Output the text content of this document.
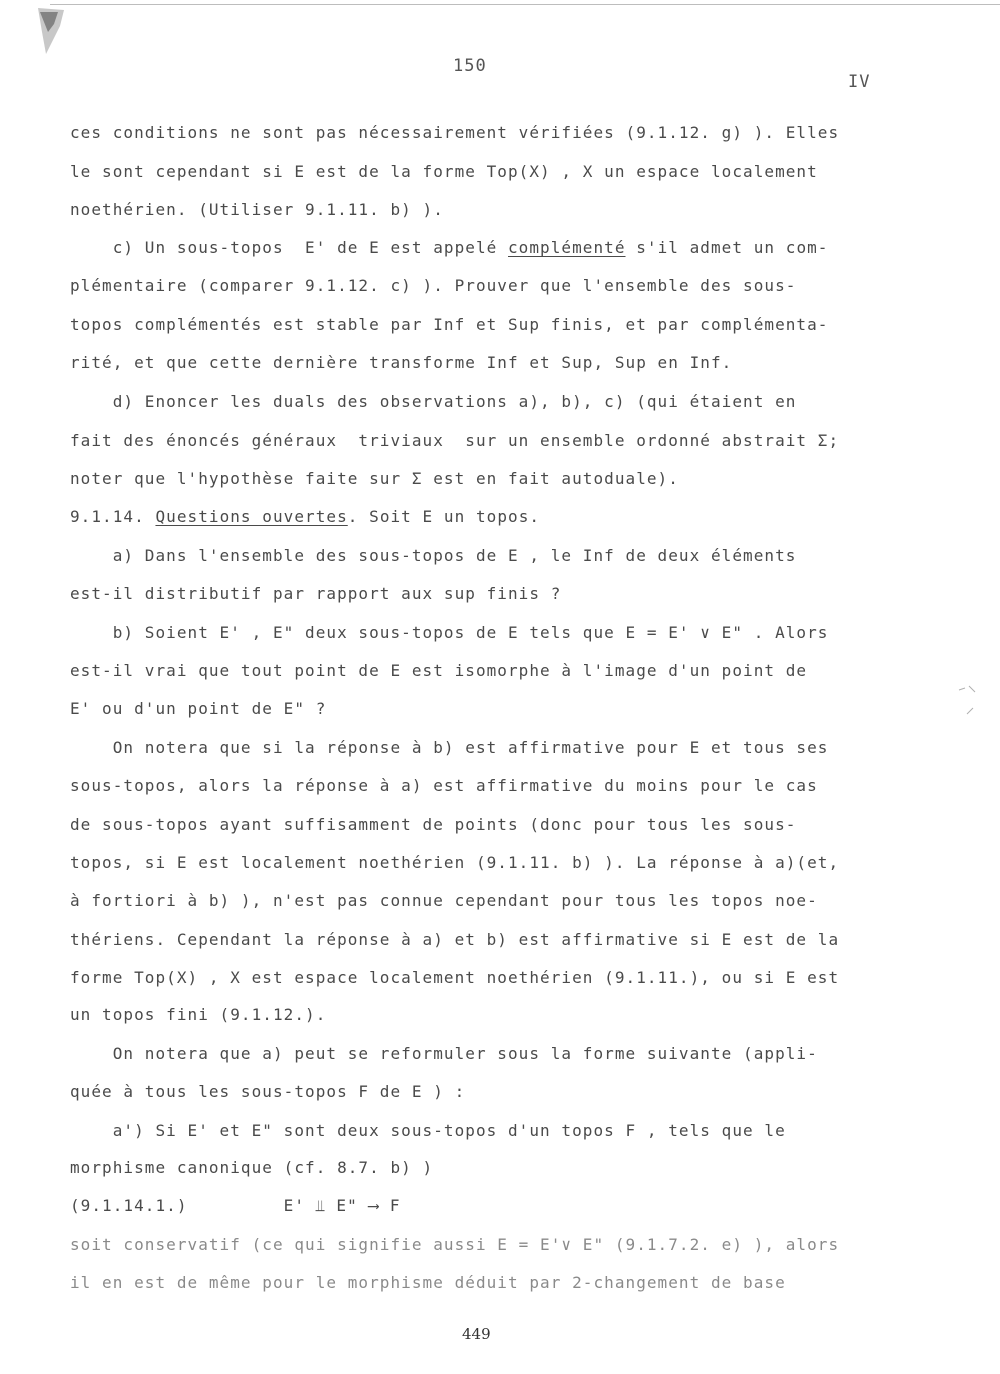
150
IV
ces conditions ne sont pas nécessairement vérifiées (9.1.12. g) ). Elles
le sont cependant si E est de la forme Top(X) , X un espace localement
noethérien. (Utiliser 9.1.11. b) ).
c) Un sous-topos  E' de E est appelé complémenté s'il admet un com-
plémentaire (comparer 9.1.12. c) ). Prouver que l'ensemble des sous-
topos complémentés est stable par Inf et Sup finis, et par complémenta-
rité, et que cette dernière transforme Inf et Sup, Sup en Inf.
d) Enoncer les duals des observations a), b), c) (qui étaient en
fait des énoncés généraux  triviaux  sur un ensemble ordonné abstrait Σ;
noter que l'hypothèse faite sur Σ est en fait autoduale).
9.1.14. Questions ouvertes. Soit E un topos.
a) Dans l'ensemble des sous-topos de E , le Inf de deux éléments
est-il distributif par rapport aux sup finis ?
b) Soient E' , E" deux sous-topos de E tels que E = E' ∨ E" . Alors
est-il vrai que tout point de E est isomorphe à l'image d'un point de
E' ou d'un point de E" ?
On notera que si la réponse à b) est affirmative pour E et tous ses
sous-topos, alors la réponse à a) est affirmative du moins pour le cas
de sous-topos ayant suffisamment de points (donc pour tous les sous-
topos, si E est localement noethérien (9.1.11. b) ). La réponse à a)(et,
à fortiori à b) ), n'est pas connue cependant pour tous les topos noe-
thériens. Cependant la réponse à a) et b) est affirmative si E est de la
forme Top(X) , X est espace localement noethérien (9.1.11.), ou si E est
un topos fini (9.1.12.).
On notera que a) peut se reformuler sous la forme suivante (appli-
quée à tous les sous-topos F de E ) :
a') Si E' et E" sont deux sous-topos d'un topos F , tels que le
morphisme canonique (cf. 8.7. b) )
(9.1.14.1.)         E' ⫫ E" ⟶ F
soit conservatif (ce qui signifie aussi E = E'∨ E" (9.1.7.2. e) ), alors
il en est de même pour le morphisme déduit par 2-changement de base
449
